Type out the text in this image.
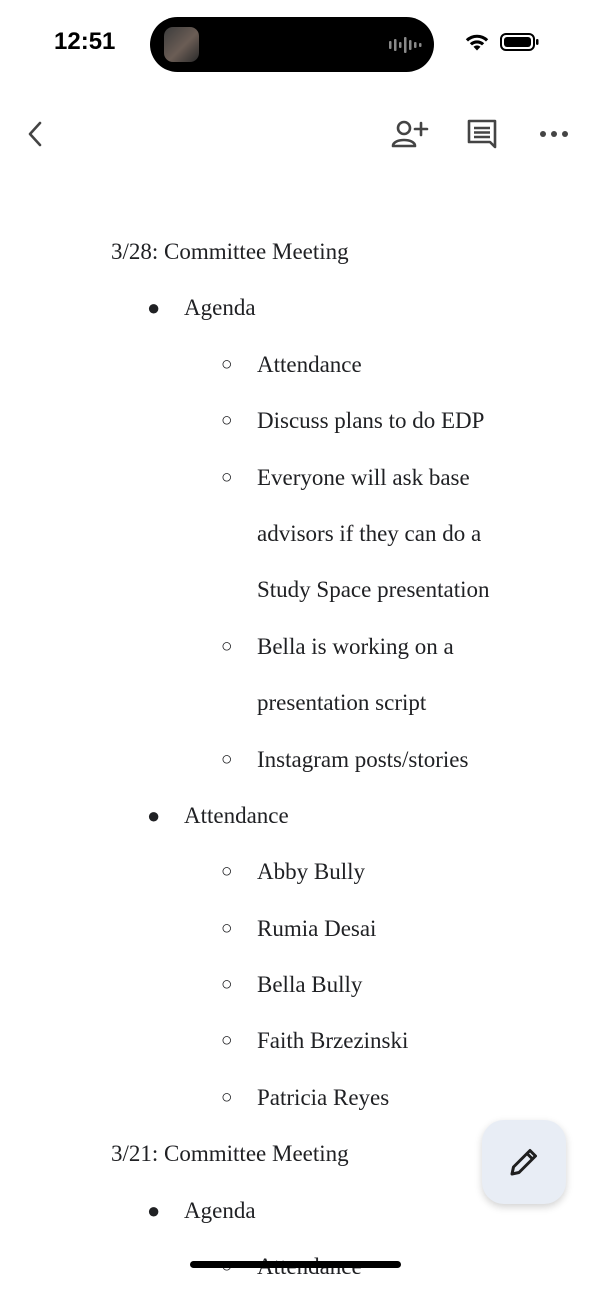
12:51
3/28: Committee Meeting
● Agenda
○ Attendance
○ Discuss plans to do EDP
○ Everyone will ask base
advisors if they can do a
Study Space presentation
○ Bella is working on a
presentation script
○ Instagram posts/stories
● Attendance
○ Abby Bully
○ Rumia Desai
○ Bella Bully
○ Faith Brzezinski
○ Patricia Reyes
3/21: Committee Meeting
● Agenda
